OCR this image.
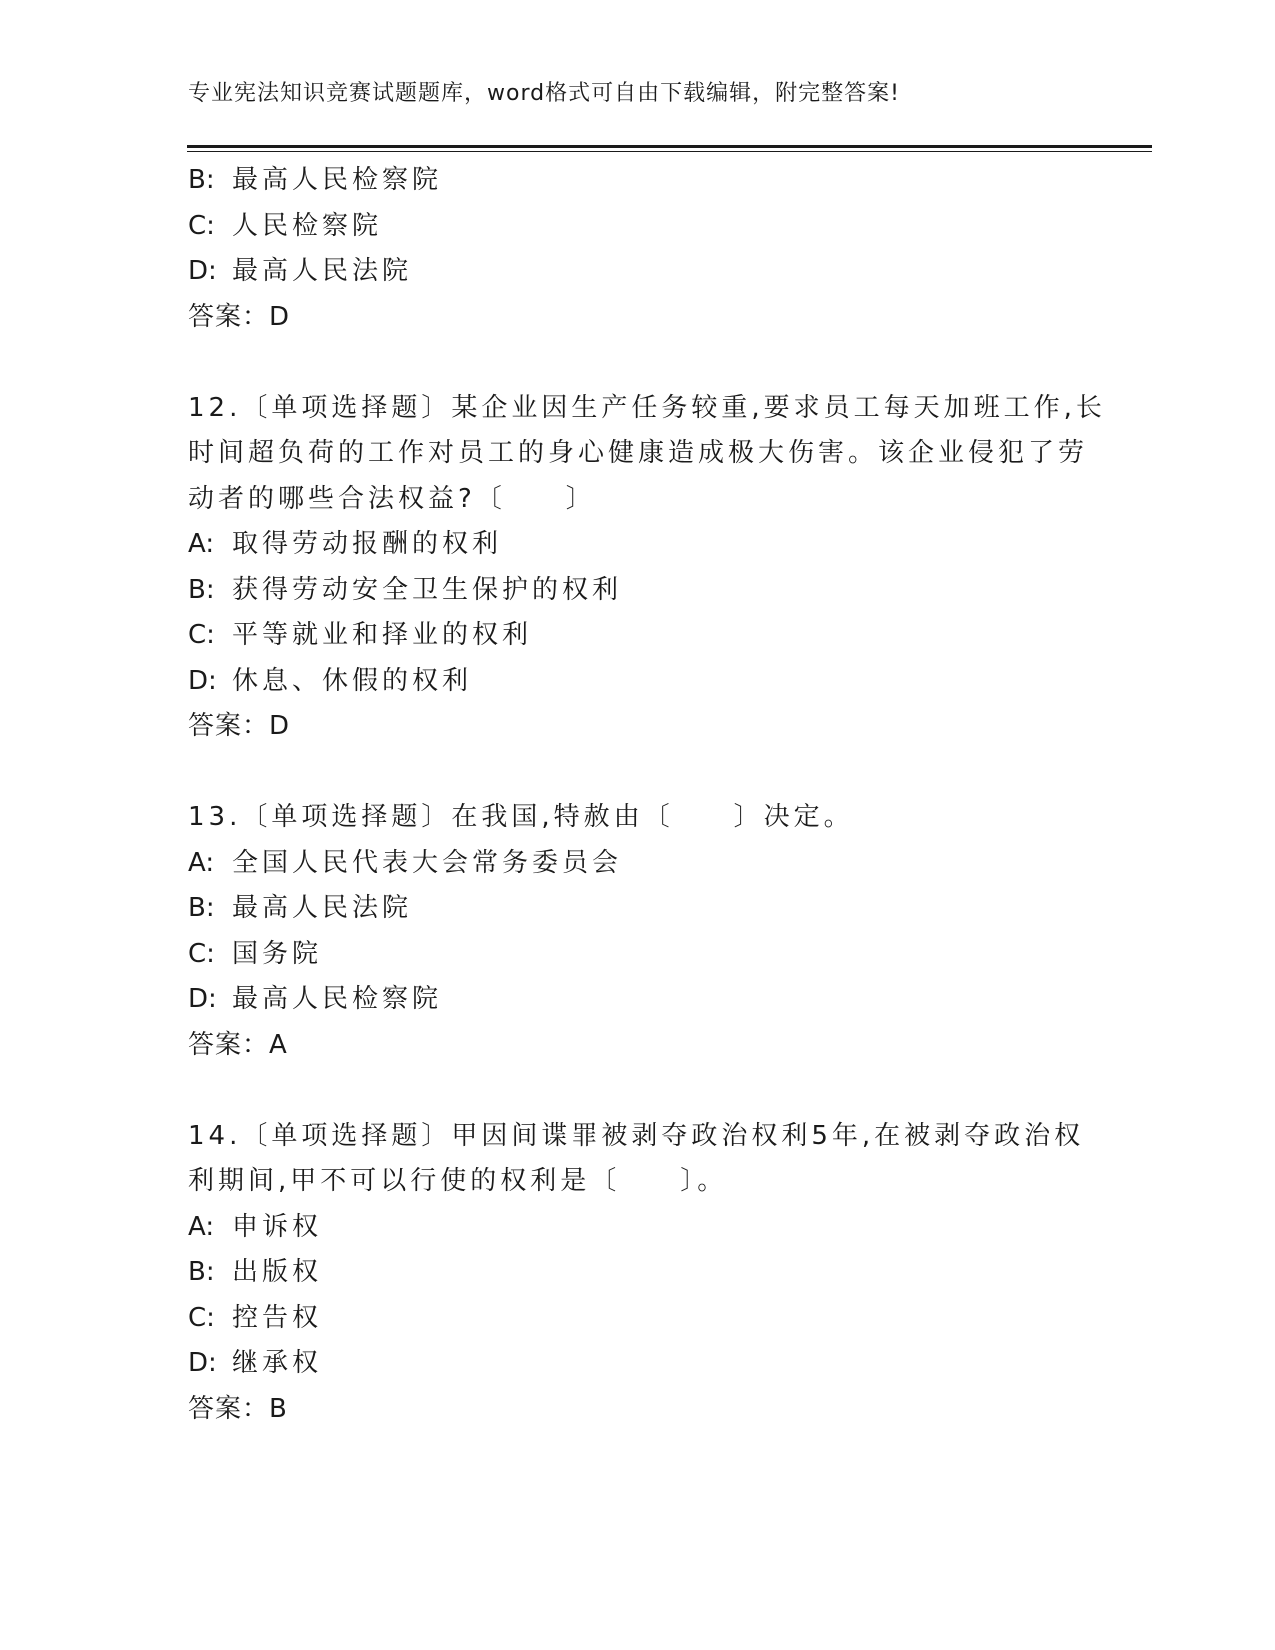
专业宪法知识竞赛试题题库，word格式可自由下载编辑，附完整答案!
B: 最高人民检察院
C: 人民检察院
D: 最高人民法院
答案：D
12.〔单项选择题〕某企业因生产任务较重,要求员工每天加班工作,长
时间超负荷的工作对员工的身心健康造成极大伤害。该企业侵犯了劳
动者的哪些合法权益?〔　　〕
A: 取得劳动报酬的权利
B: 获得劳动安全卫生保护的权利
C: 平等就业和择业的权利
D: 休息、休假的权利
答案：D
13.〔单项选择题〕在我国,特赦由〔　　〕决定。
A: 全国人民代表大会常务委员会
B: 最高人民法院
C: 国务院
D: 最高人民检察院
答案：A
14.〔单项选择题〕甲因间谍罪被剥夺政治权利5年,在被剥夺政治权
利期间,甲不可以行使的权利是〔　　〕。
A: 申诉权
B: 出版权
C: 控告权
D: 继承权
答案：B
